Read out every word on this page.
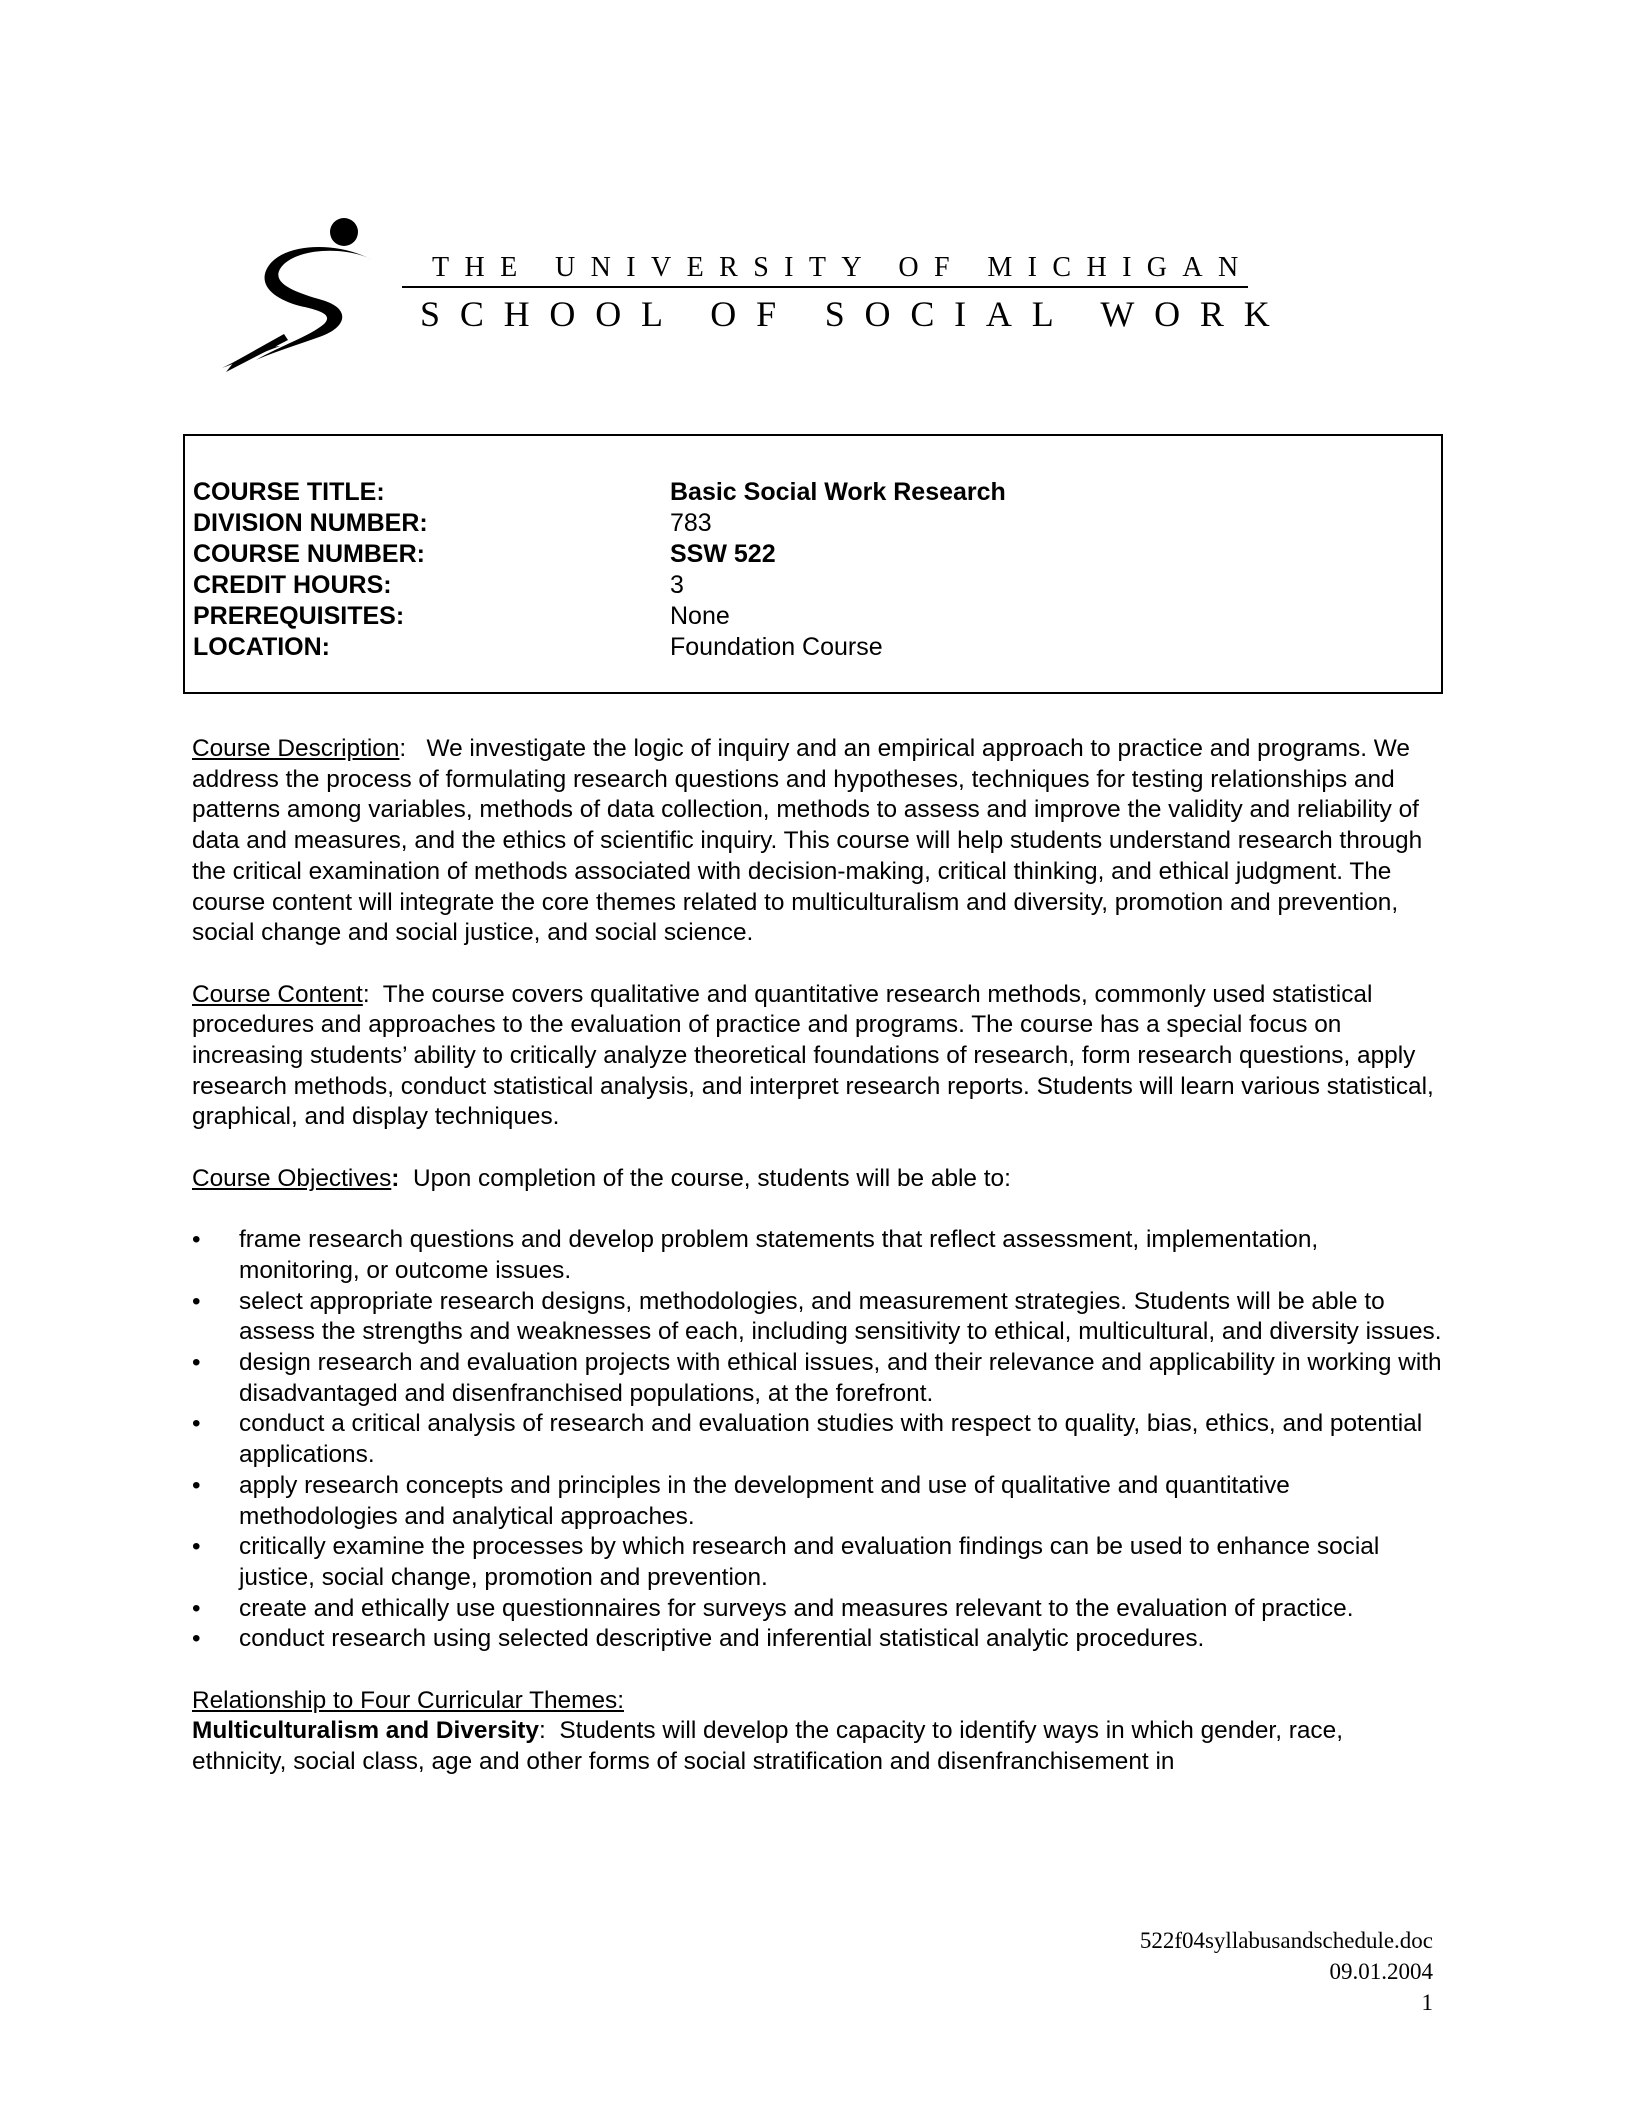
THE UNIVERSITY OF MICHIGAN
SCHOOL OF SOCIAL WORK
COURSE TITLE:	Basic Social Work Research
DIVISION NUMBER:	783
COURSE NUMBER:	SSW 522
CREDIT HOURS:	3
PREREQUISITES:	None
LOCATION:	Foundation Course

Course Description:   We investigate the logic of inquiry and an empirical approach to practice and programs. We address the process of formulating research questions and hypotheses, techniques for testing relationships and patterns among variables, methods of data collection, methods to assess and improve the validity and reliability of data and measures, and the ethics of scientific inquiry. This course will help students understand research through the critical examination of methods associated with decision-making, critical thinking, and ethical judgment. The course content will integrate the core themes related to multiculturalism and diversity, promotion and prevention, social change and social justice, and social science.

Course Content:  The course covers qualitative and quantitative research methods, commonly used statistical procedures and approaches to the evaluation of practice and programs. The course has a special focus on increasing students’ ability to critically analyze theoretical foundations of research, form research questions, apply research methods, conduct statistical analysis, and interpret research reports. Students will learn various statistical, graphical, and display techniques.

Course Objectives: Upon completion of the course, students will be able to:

• frame research questions and develop problem statements that reflect assessment, implementation, monitoring, or outcome issues.
• select appropriate research designs, methodologies, and measurement strategies. Students will be able to assess the strengths and weaknesses of each, including sensitivity to ethical, multicultural, and diversity issues.
• design research and evaluation projects with ethical issues, and their relevance and applicability in working with disadvantaged and disenfranchised populations, at the forefront.
• conduct a critical analysis of research and evaluation studies with respect to quality, bias, ethics, and potential applications.
• apply research concepts and principles in the development and use of qualitative and quantitative methodologies and analytical approaches.
• critically examine the processes by which research and evaluation findings can be used to enhance social justice, social change, promotion and prevention.
• create and ethically use questionnaires for surveys and measures relevant to the evaluation of practice.
• conduct research using selected descriptive and inferential statistical analytic procedures.
Relationship to Four Curricular Themes:
Multiculturalism and Diversity:  Students will develop the capacity to identify ways in which gender, race, ethnicity, social class, age and other forms of social stratification and disenfranchisement in
522f04syllabusandschedule.doc
09.01.2004
1
